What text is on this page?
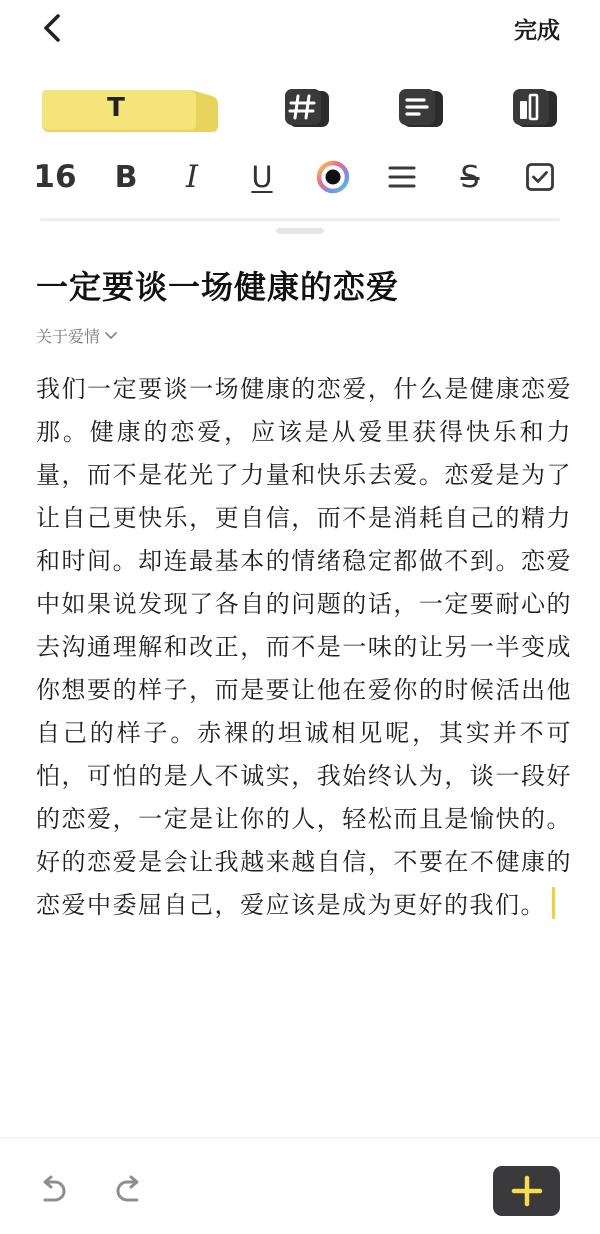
完成
T
16 B	I	U	S
一定要谈一场健康的恋爱
关于爱情
我们一定要谈一场健康的恋爱，什么是健康恋爱那。健康的恋爱，应该是从爱里获得快乐和力量，而不是花光了力量和快乐去爱。恋爱是为了让自己更快乐，更自信，而不是消耗自己的精力和时间。却连最基本的情绪稳定都做不到。恋爱中如果说发现了各自的问题的话，一定要耐心的去沟通理解和改正，而不是一味的让另一半变成你想要的样子，而是要让他在爱你的时候活出他自己的样子。赤裸的坦诚相见呢，其实并不可怕，可怕的是人不诚实，我始终认为，谈一段好的恋爱，一定是让你的人，轻松而且是愉快的。好的恋爱是会让我越来越自信，不要在不健康的恋爱中委屈自己，爱应该是成为更好的我们。
